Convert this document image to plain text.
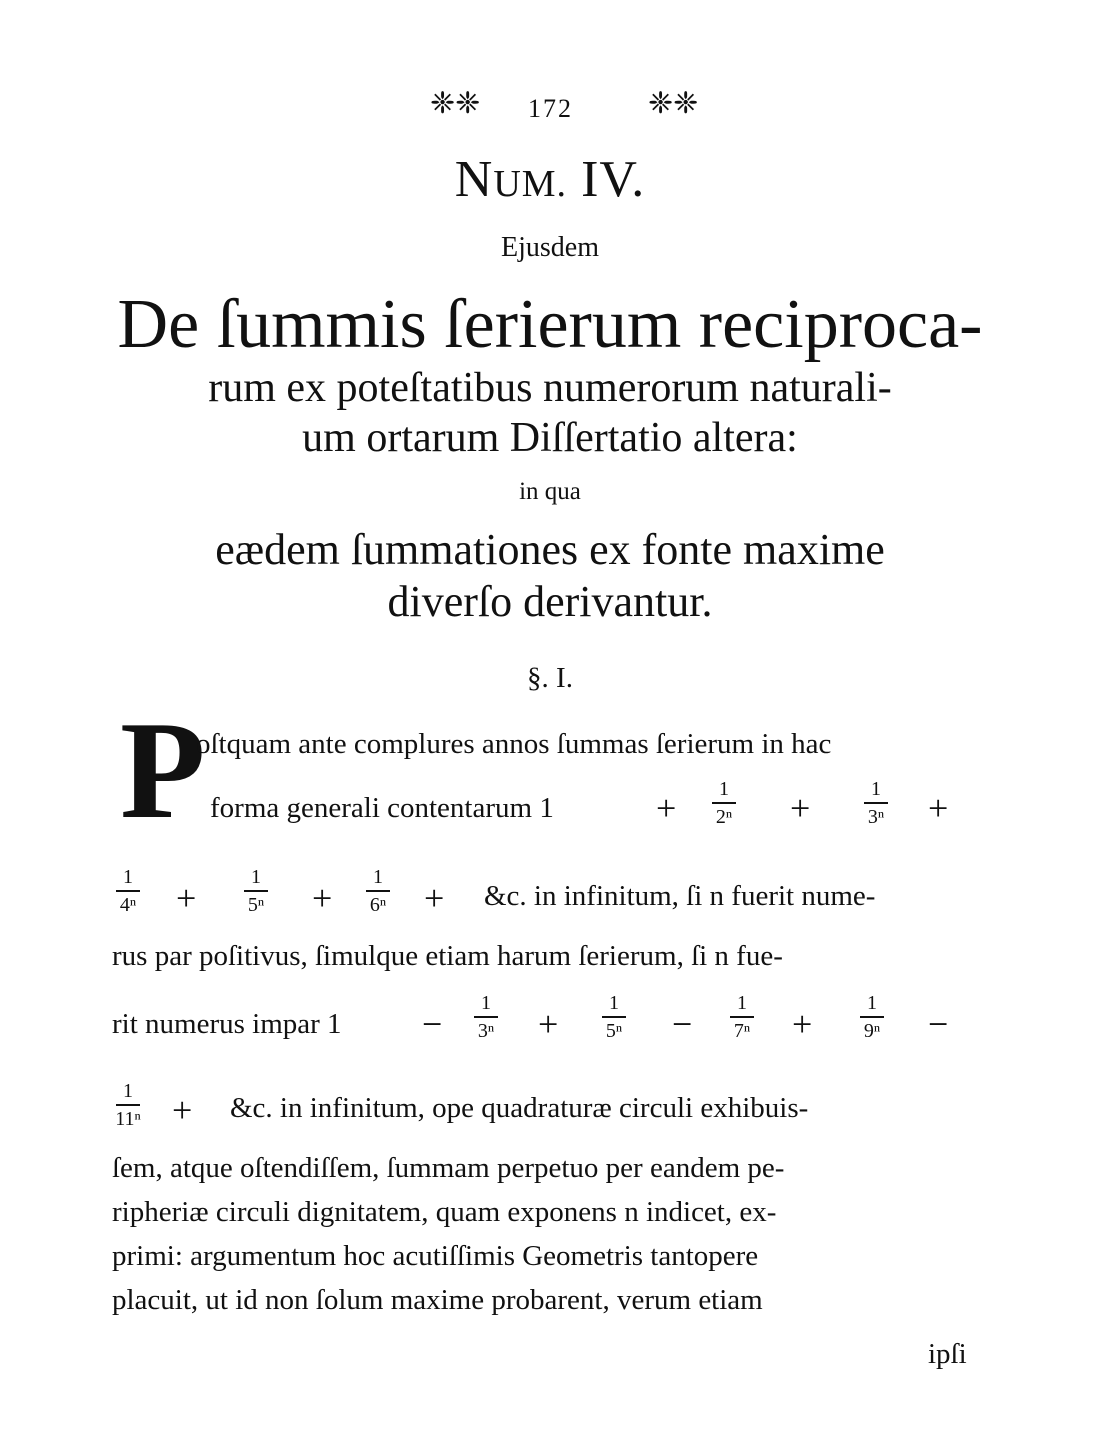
❈❈ 172	❈❈
NUM. IV.
Ejusdem
De ſummis ſerierum reciproca-
rum ex poteſtatibus numerorum naturali-
um ortarum Diſſertatio altera:
in qua
eædem ſummationes ex fonte maxime
diverſo derivantur.
§. I.
P
oſtquam ante complures annos ſummas ſerierum in hac
forma generali contentarum 1	+	1
2ⁿ	+	1
3ⁿ	+
1
4ⁿ	+
1
5ⁿ	+
1
6ⁿ	+ &c. in infinitum, ſi n fuerit nume-
rus par poſitivus, ſimulque etiam harum ſerierum, ſi n fue-
rit numerus impar 1 −
1
3ⁿ	+
1
5ⁿ	−
1
7ⁿ	+
1
9ⁿ	−
1
11ⁿ + &c. in infinitum, ope quadraturæ circuli exhibuis-
ſem, atque oſtendiſſem, ſummam perpetuo per eandem pe-
ripheriæ circuli dignitatem, quam exponens n indicet, ex-
primi: argumentum hoc acutiſſimis Geometris tantopere
placuit, ut id non ſolum maxime probarent, verum etiam
ipſi
